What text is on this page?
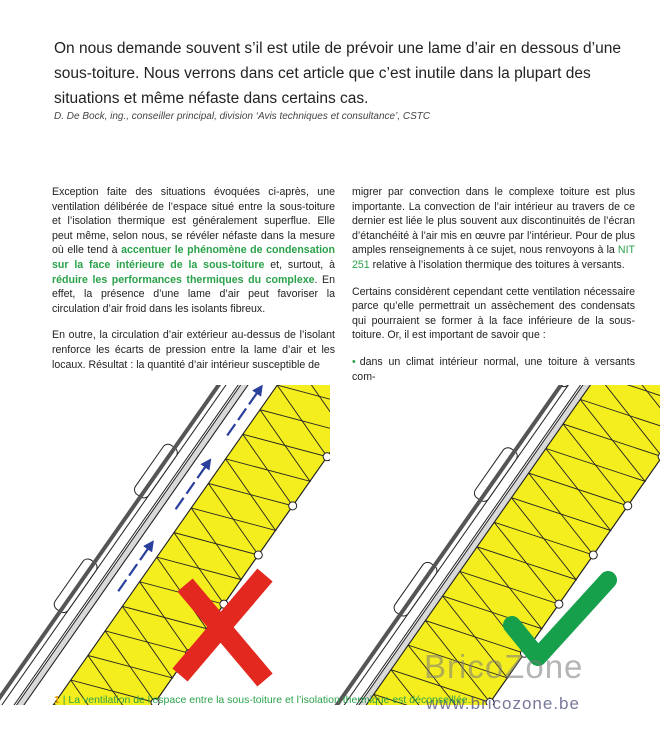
On nous demande souvent s’il est utile de prévoir une lame d’air en dessous d’une sous-toiture. Nous verrons dans cet article que c’est inutile dans la plupart des situations et même néfaste dans certains cas.
D. De Bock, ing., conseiller principal, division ‘Avis techniques et consultance’, CSTC

Exception faite des situations évoquées ci-après, une ventilation délibérée de l’espace situé entre la sous-toiture et l’isolation thermique est généralement superflue. Elle peut même, selon nous, se révéler néfaste dans la mesure où elle tend à accentuer le phénomène de condensation sur la face intérieure de la sous-toiture et, surtout, à réduire les performances thermiques du complexe. En effet, la présence d’une lame d’air peut favoriser la circulation d’air froid dans les isolants fibreux.

En outre, la circulation d’air extérieur au-dessus de l’isolant renforce les écarts de pression entre la lame d’air et les locaux. Résultat : la quantité d’air intérieur susceptible de

migrer par convection dans le complexe toiture est plus importante. La convection de l’air intérieur au travers de ce dernier est liée le plus souvent aux discontinuités de l’écran d’étanchéité à l’air mis en œuvre par l’intérieur. Pour de plus amples renseignements à ce sujet, nous renvoyons à la NIT 251 relative à l’isolation thermique des toitures à versants.

Certains considèrent cependant cette ventilation nécessaire parce qu’elle permettrait un assèchement des condensats qui pourraient se former à la face inférieure de la sous-toiture. Or, il est important de savoir que :

• dans un climat intérieur normal, une toiture à versants com-

BricoZone
www.bricozone.be
1 | La ventilation de l’espace entre la sous-toiture et l’isolation thermique est déconseillée.
